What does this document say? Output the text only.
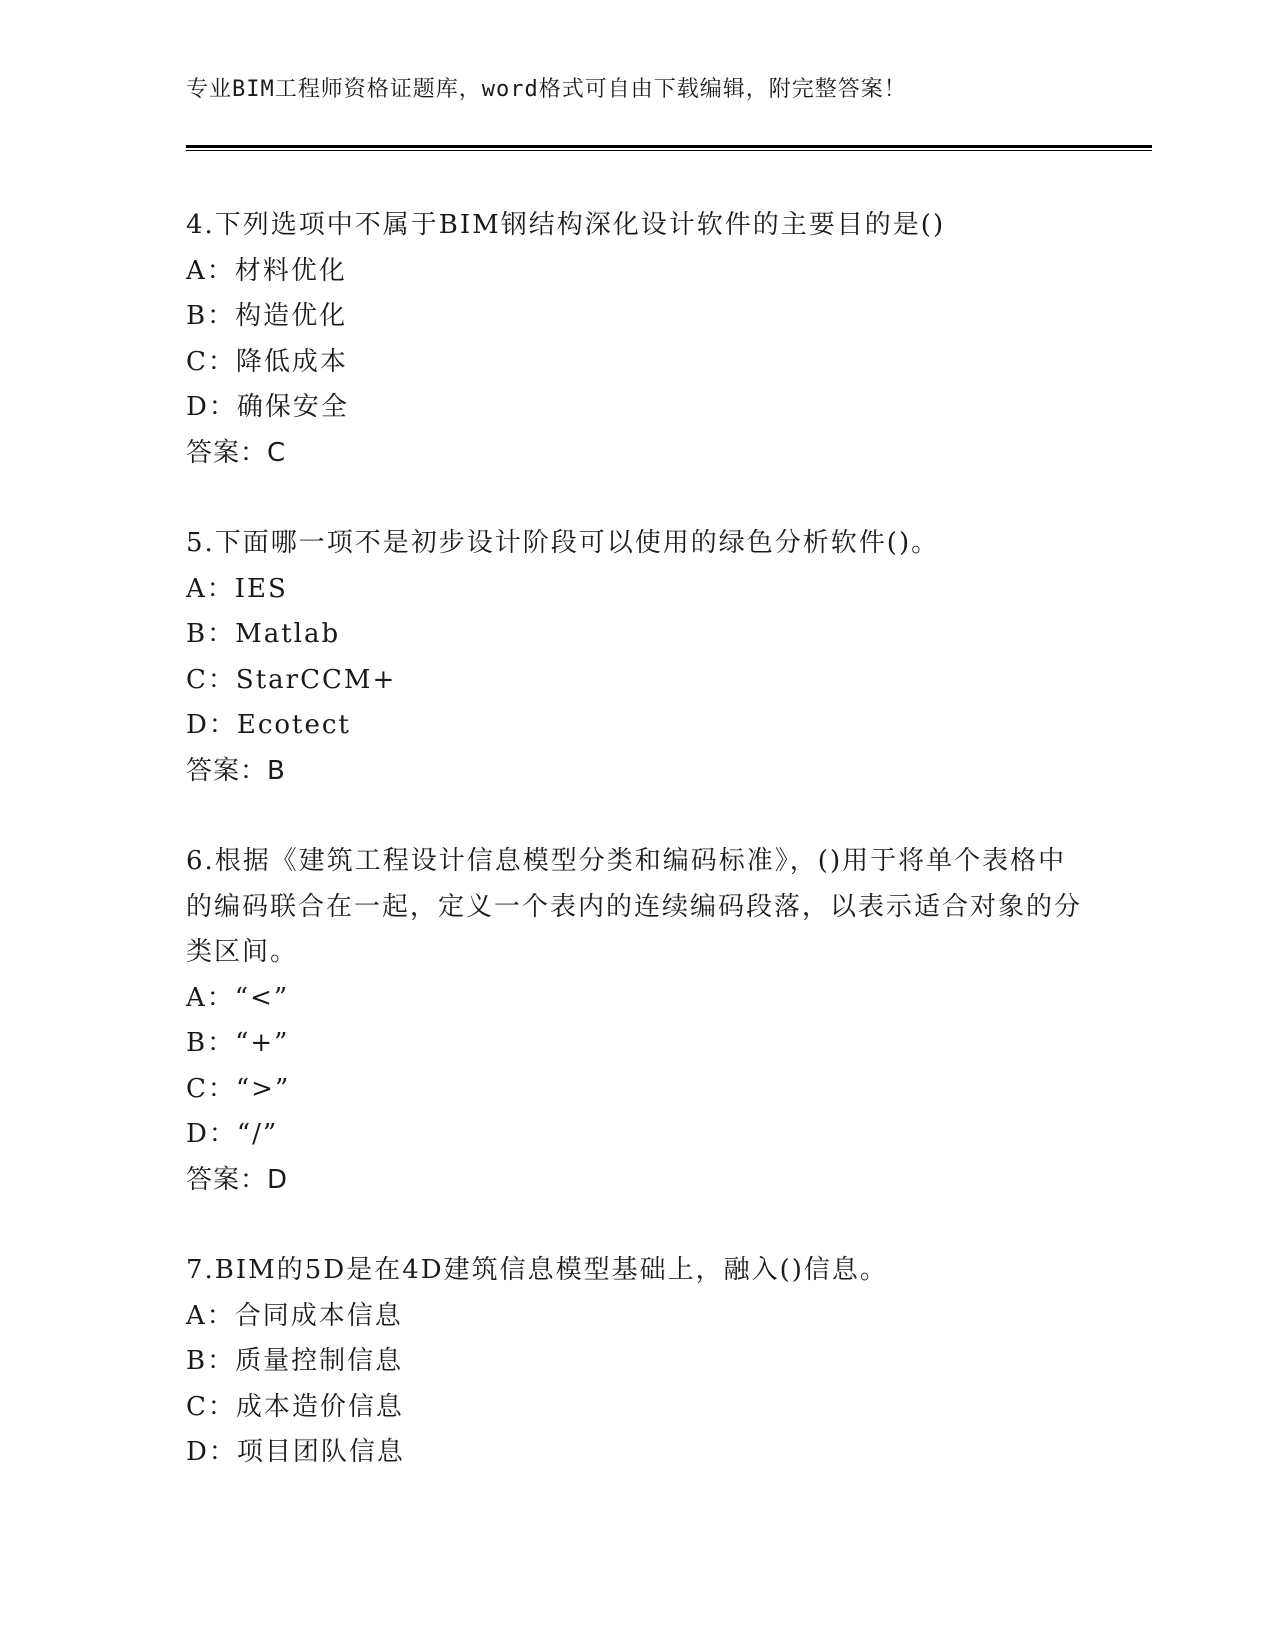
专业BIM工程师资格证题库，word格式可自由下载编辑，附完整答案！

4.下列选项中不属于BIM钢结构深化设计软件的主要目的是()

A：材料优化

B：构造优化

C：降低成本

D：确保安全

答案：C

5.下面哪一项不是初步设计阶段可以使用的绿色分析软件()。

A：IES

B：Matlab

C：StarCCM+

D：Ecotect

答案：B

6.根据《建筑工程设计信息模型分类和编码标准》，()用于将单个表格中的编码联合在一起，定义一个表内的连续编码段落，以表示适合对象的分类区间。

A：“<”

B：“+”

C：“>”

D：“/”

答案：D

7.BIM的5D是在4D建筑信息模型基础上，融入()信息。

A：合同成本信息

B：质量控制信息

C：成本造价信息

D：项目团队信息
